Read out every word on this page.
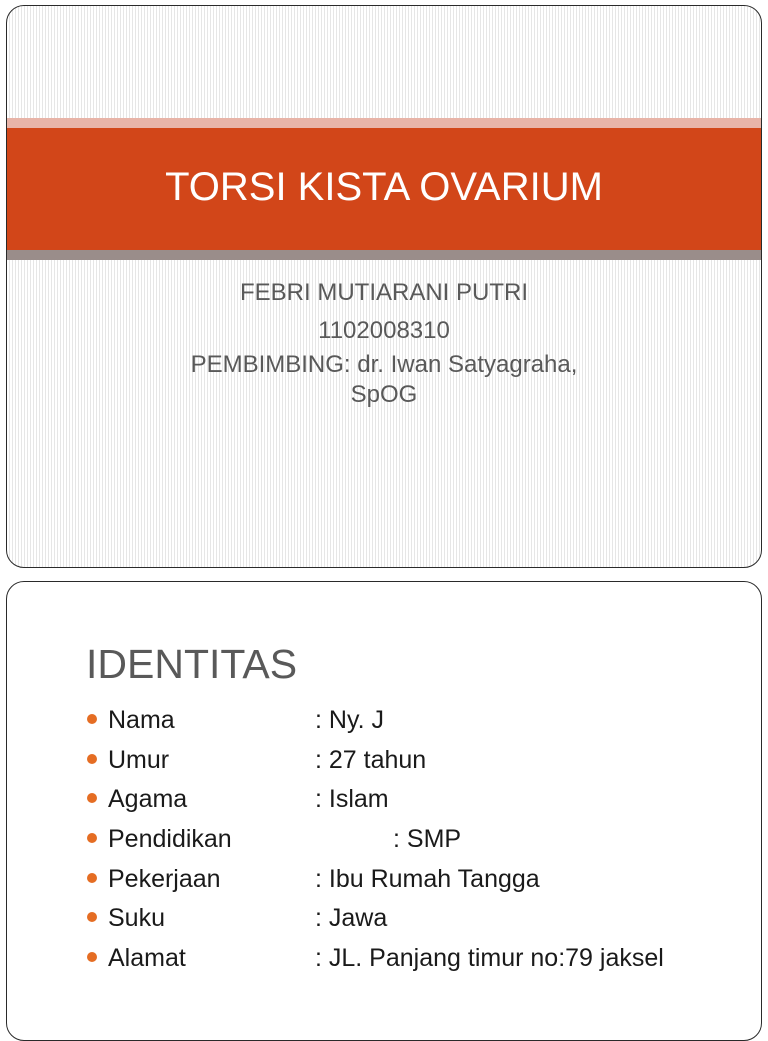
TORSI KISTA OVARIUM
FEBRI MUTIARANI PUTRI
1102008310
PEMBIMBING: dr. Iwan Satyagraha,
SpOG
IDENTITAS
Nama	: Ny. J
Umur	: 27 tahun
Agama	: Islam
Pendidikan	: SMP
Pekerjaan	: Ibu Rumah Tangga
Suku	: Jawa
Alamat	: JL. Panjang timur no:79 jaksel
